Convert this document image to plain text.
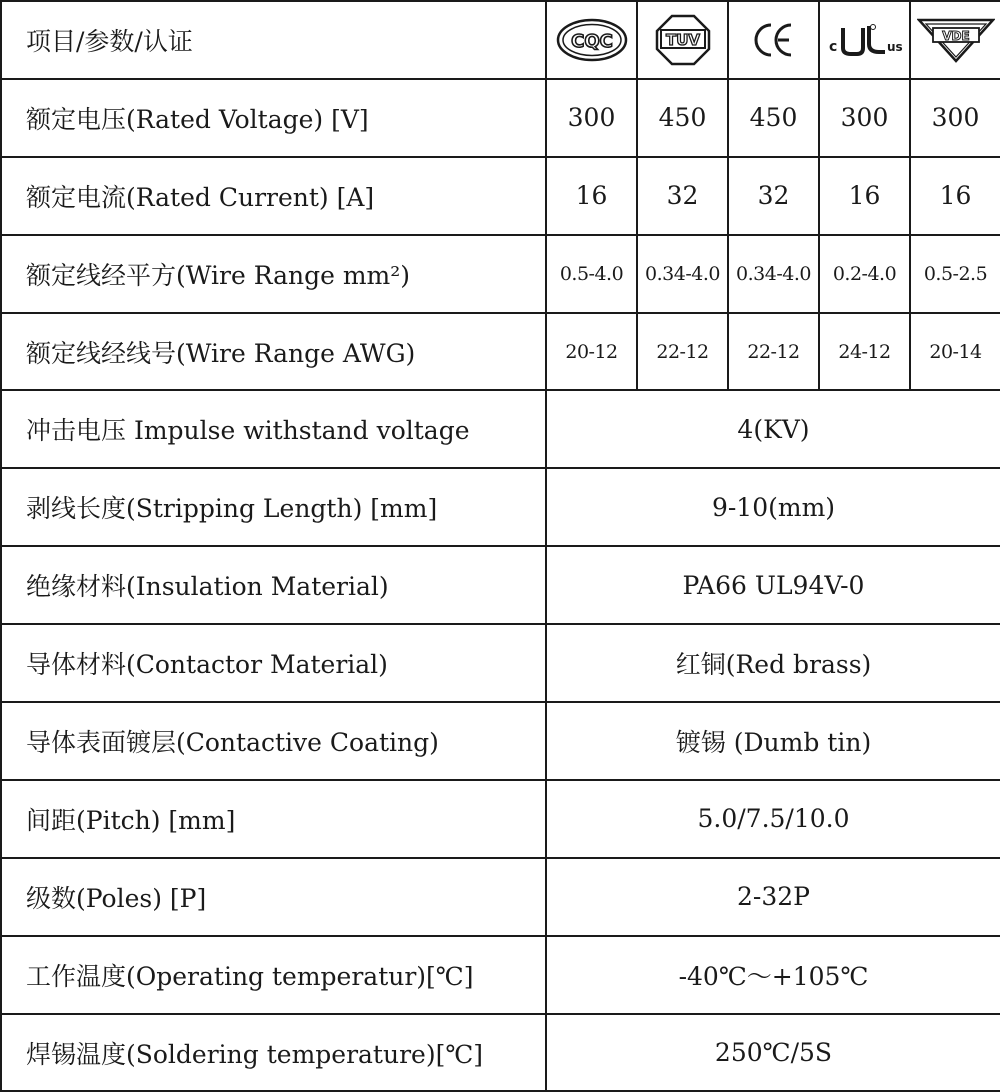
项目/参数/认证	CQC	TUV		c us	VDE

额定电压(Rated Voltage) [V]	300	450	450	300	300
额定电流(Rated Current) [A]	16	32	32	16	16
额定线经平方(Wire Range mm²)	0.5-4.0	0.34-4.0	0.34-4.0	0.2-4.0	0.5-2.5
额定线经线号(Wire Range AWG)	20-12	22-12	22-12	24-12	20-14
冲击电压 Impulse withstand voltage	4(KV)				
剥线长度(Stripping Length) [mm]	9-10(mm)				
绝缘材料(Insulation Material)	PA66 UL94V-0				
导体材料(Contactor Material)	红铜(Red brass)				
导体表面镀层(Contactive Coating)	镀锡 (Dumb tin)				
间距(Pitch) [mm]	5.0/7.5/10.0				
级数(Poles) [P]	2-32P				
工作温度(Operating temperatur)[℃]	-40℃～+105℃				
焊锡温度(Soldering temperature)[℃]	250℃/5S				
